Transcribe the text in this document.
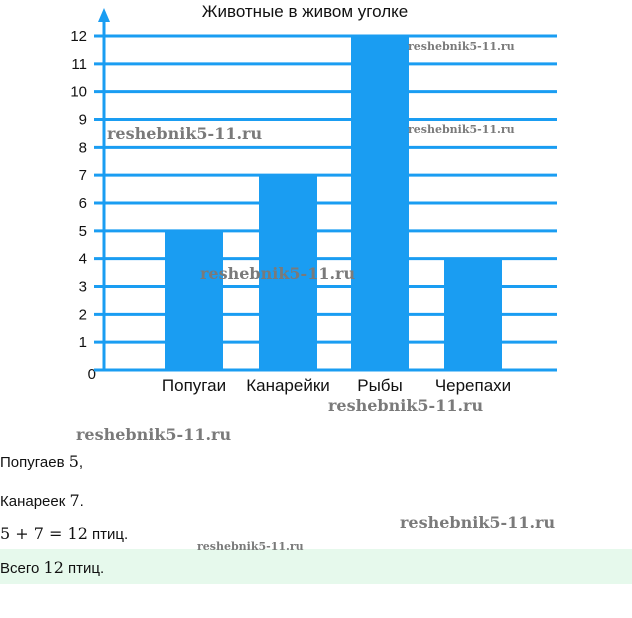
Животные в живом уголке
0
1
2
3
4
5
6
7
8
9
10
11
12
Попугаи Канарейки Рыбы Черепахи
reshebnik5-11.ru
reshebnik5-11.ru	reshebnik5-11.ru
reshebnik5-11.ru
reshebnik5-11.ru
reshebnik5-11.ru
reshebnik5-11.ru
reshebnik5-11.ru
Попугаев 5,
Канареек 7.
5 + 7 = 12 птиц.
Всего 12 птиц.
